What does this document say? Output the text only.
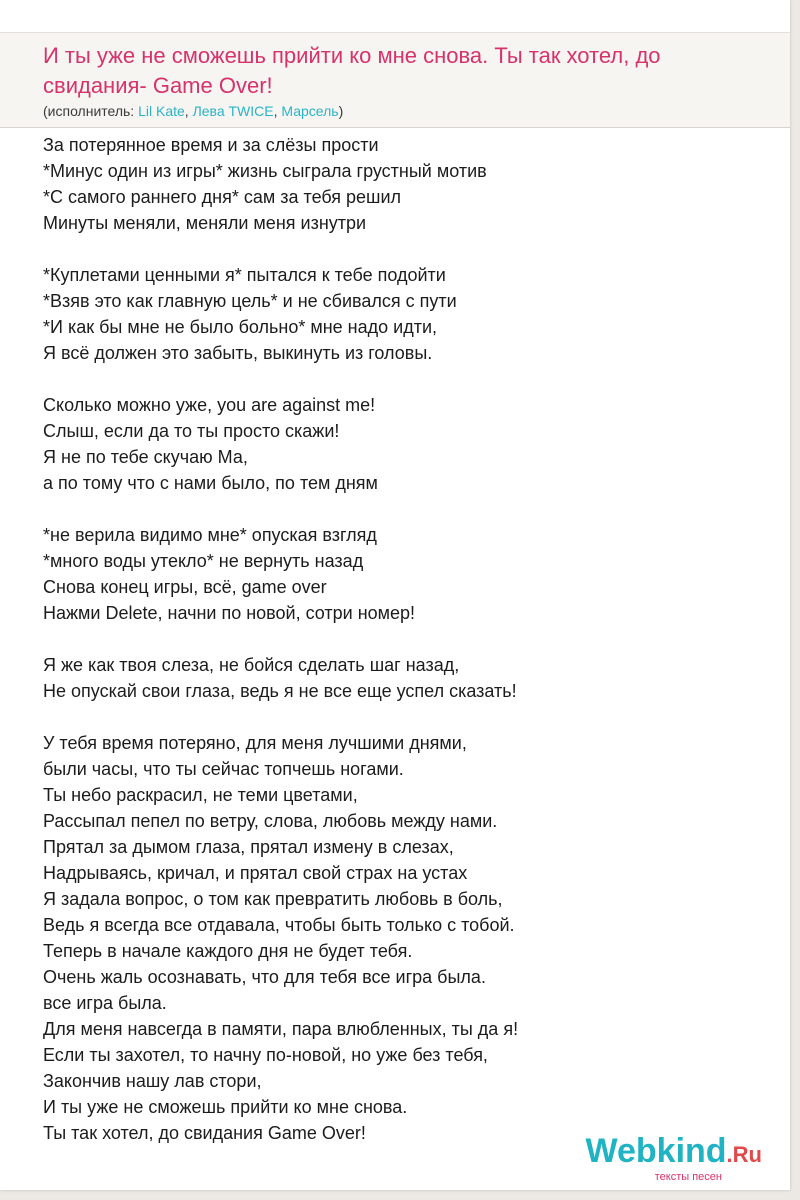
И ты уже не сможешь прийти ко мне снова. Ты так хотел, до свидания- Game Over!
(исполнитель: Lil Kate, Лева TWICE, Марсель)
За потерянное время и за слёзы прости
*Минус один из игры* жизнь сыграла грустный мотив
*С самого раннего дня* сам за тебя решил
Минуты меняли, меняли меня изнутри
*Куплетами ценными я* пытался к тебе подойти
*Взяв это как главную цель* и не сбивался с пути
*И как бы мне не было больно* мне надо идти,
Я всё должен это забыть, выкинуть из головы.
Сколько можно уже, you are against me!
Слыш, если да то ты просто скажи!
Я не по тебе скучаю Ма,
а по тому что с нами было, по тем дням
*не верила видимо мне* опуская взгляд
*много воды утекло* не вернуть назад
Снова конец игры, всё, game over
Нажми Delete, начни по новой, сотри номер!
Я же как твоя слеза, не бойся сделать шаг назад,
Не опускай свои глаза, ведь я не все еще успел сказать!
У тебя время потеряно, для меня лучшими днями,
были часы, что ты сейчас топчешь ногами.
Ты небо раскрасил, не теми цветами,
Рассыпал пепел по ветру, слова, любовь между нами.
Прятал за дымом глаза, прятал измену в слезах,
Надрываясь, кричал, и прятал свой страх на устах
Я задала вопрос, о том как превратить любовь в боль,
Ведь я всегда все отдавала, чтобы быть только с тобой.
Теперь в начале каждого дня не будет тебя.
Очень жаль осознавать, что для тебя все игра была.
все игра была.
Для меня навсегда в памяти, пара влюбленных, ты да я!
Если ты захотел, то начну по-новой, но уже без тебя,
Закончив нашу лав стори,
И ты уже не сможешь прийти ко мне снова.
Ты так хотел, до свидания Game Over!	Webkind.Ru
тексты песен
